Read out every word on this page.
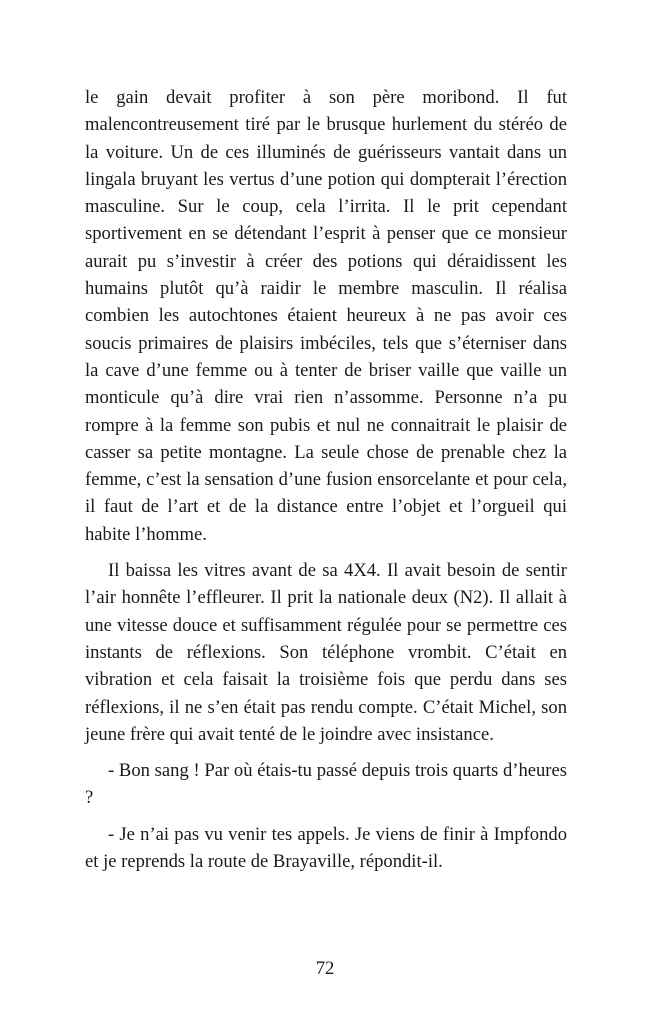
le gain devait profiter à son père moribond. Il fut malencontreusement tiré par le brusque hurlement du stéréo de la voiture. Un de ces illuminés de guérisseurs vantait dans un lingala bruyant les vertus d’une potion qui dompterait l’érection masculine. Sur le coup, cela l’irrita. Il le prit cependant sportivement en se détendant l’esprit à penser que ce monsieur aurait pu s’investir à créer des potions qui déraidissent les humains plutôt qu’à raidir le membre masculin. Il réalisa combien les autochtones étaient heureux à ne pas avoir ces soucis primaires de plaisirs imbéciles, tels que s’éterniser dans la cave d’une femme ou à tenter de briser vaille que vaille un monticule qu’à dire vrai rien n’assomme. Personne n’a pu rompre à la femme son pubis et nul ne connaitrait le plaisir de casser sa petite montagne. La seule chose de prenable chez la femme, c’est la sensation d’une fusion ensorcelante et pour cela, il faut de l’art et de la distance entre l’objet et l’orgueil qui habite l’homme.

Il baissa les vitres avant de sa 4X4. Il avait besoin de sentir l’air honnête l’effleurer. Il prit la nationale deux (N2). Il allait à une vitesse douce et suffisamment régulée pour se permettre ces instants de réflexions. Son téléphone vrombit. C’était en vibration et cela faisait la troisième fois que perdu dans ses réflexions, il ne s’en était pas rendu compte. C’était Michel, son jeune frère qui avait tenté de le joindre avec insistance.

- Bon sang ! Par où étais-tu passé depuis trois quarts d’heures ?

- Je n’ai pas vu venir tes appels. Je viens de finir à Impfondo et je reprends la route de Brayaville, répondit-il.

72
